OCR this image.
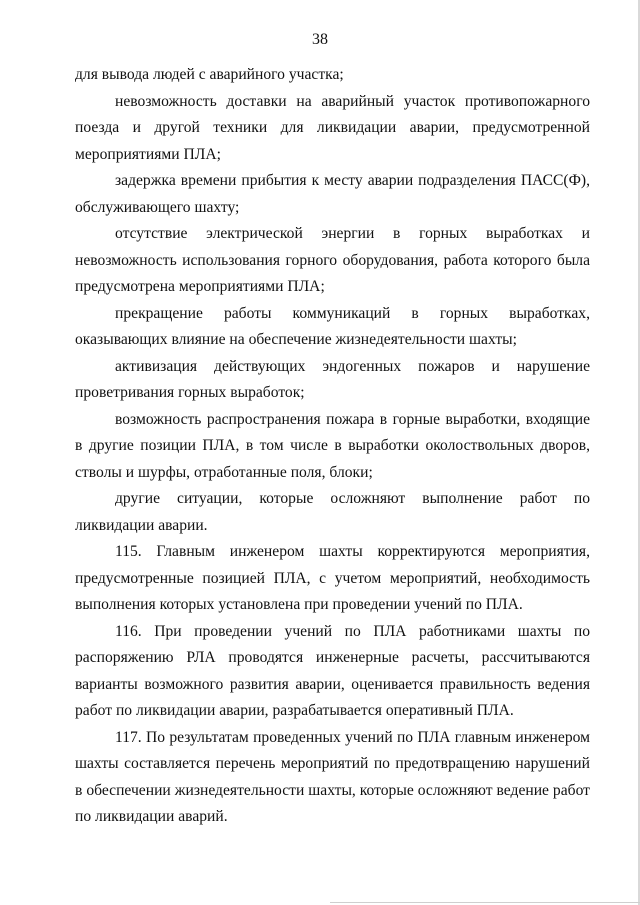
38

для вывода людей с аварийного участка;

невозможность доставки на аварийный участок противопожарного поезда и другой техники для ликвидации аварии, предусмотренной мероприятиями ПЛА;

задержка времени прибытия к месту аварии подразделения ПАСС(Ф), обслуживающего шахту;

отсутствие электрической энергии в горных выработках и невозможность использования горного оборудования, работа которого была предусмотрена мероприятиями ПЛА;

прекращение работы коммуникаций в горных выработках, оказывающих влияние на обеспечение жизнедеятельности шахты;

активизация действующих эндогенных пожаров и нарушение проветривания горных выработок;

возможность распространения пожара в горные выработки, входящие в другие позиции ПЛА, в том числе в выработки околоствольных дворов, стволы и шурфы, отработанные поля, блоки;

другие ситуации, которые осложняют выполнение работ по ликвидации аварии.

115. Главным инженером шахты корректируются мероприятия, предусмотренные позицией ПЛА, с учетом мероприятий, необходимость выполнения которых установлена при проведении учений по ПЛА.

116. При проведении учений по ПЛА работниками шахты по распоряжению РЛА проводятся инженерные расчеты, рассчитываются варианты возможного развития аварии, оценивается правильность ведения работ по ликвидации аварии, разрабатывается оперативный ПЛА.

117. По результатам проведенных учений по ПЛА главным инженером шахты составляется перечень мероприятий по предотвращению нарушений в обеспечении жизнедеятельности шахты, которые осложняют ведение работ по ликвидации аварий.
